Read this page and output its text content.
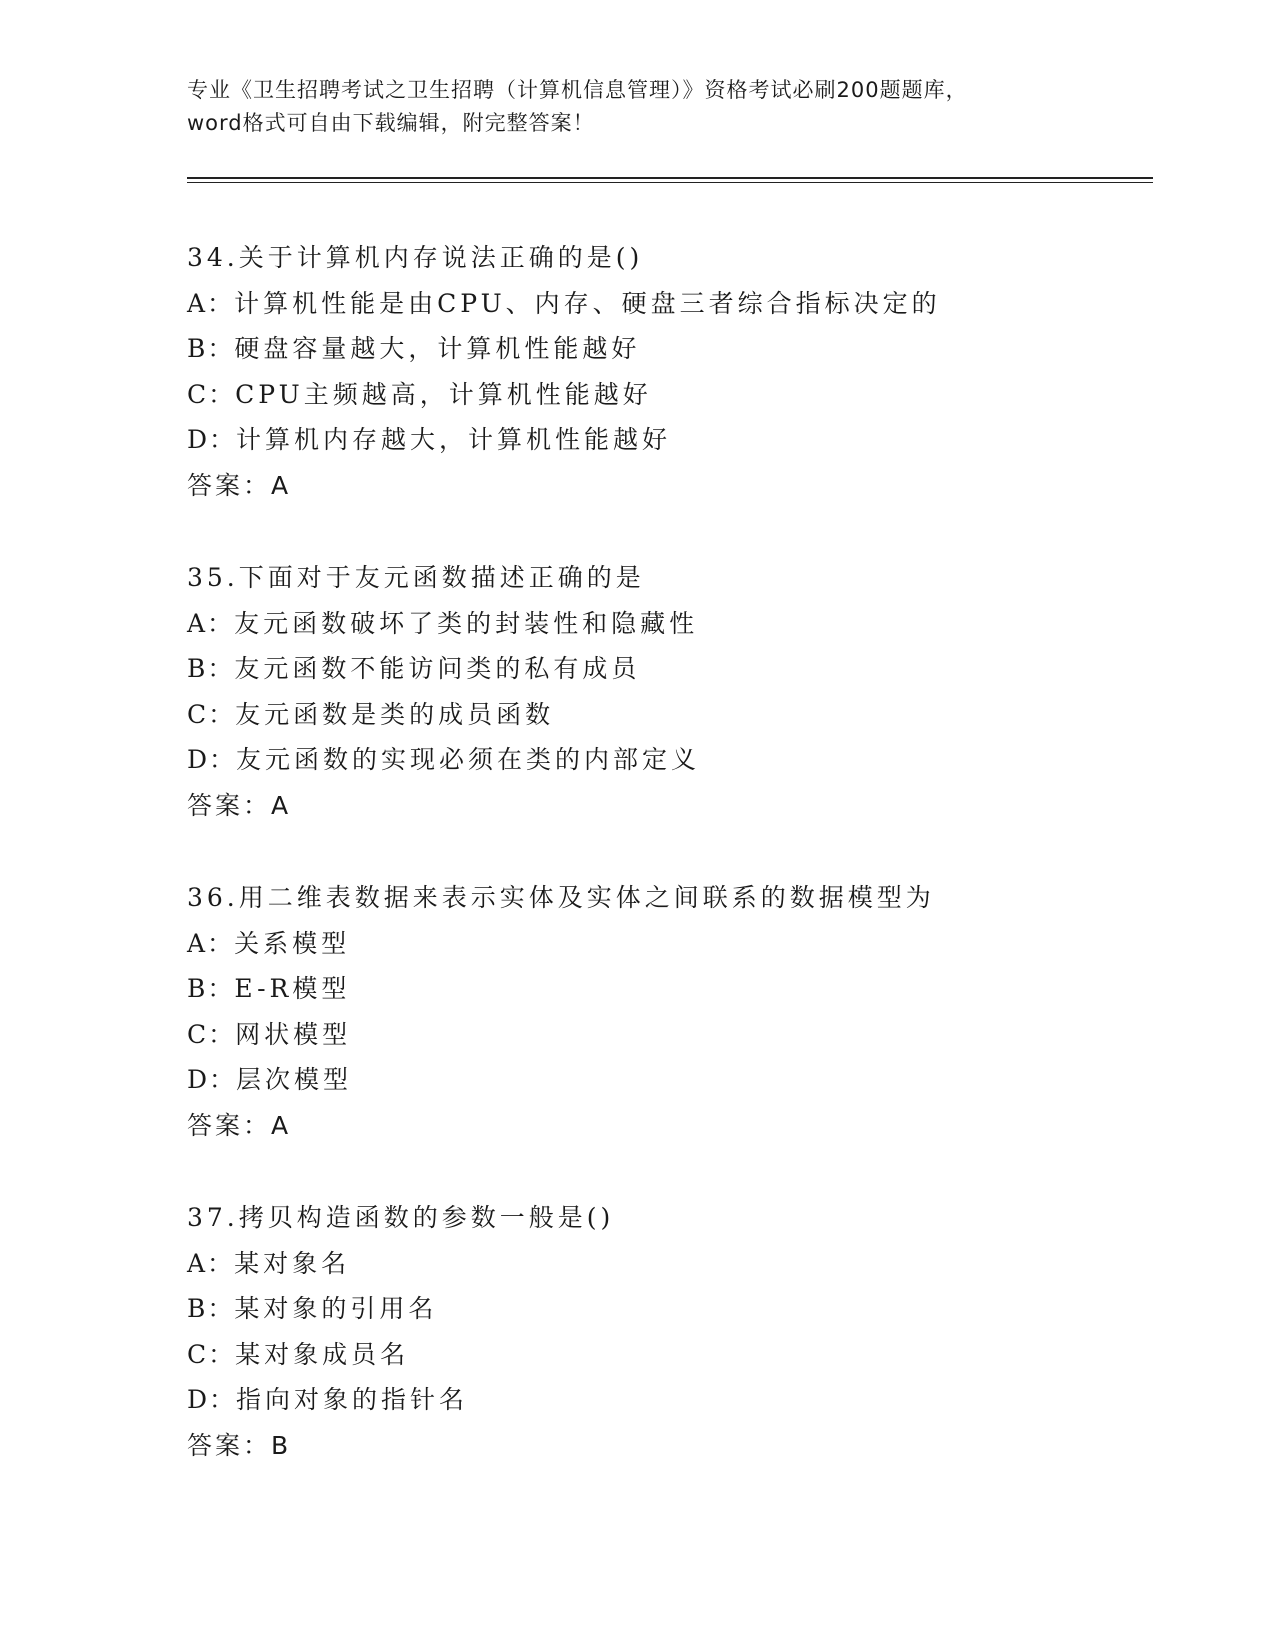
专业《卫生招聘考试之卫生招聘（计算机信息管理）》资格考试必刷200题题库，
word格式可自由下载编辑，附完整答案！
34.关于计算机内存说法正确的是()
A：计算机性能是由CPU、内存、硬盘三者综合指标决定的
B：硬盘容量越大，计算机性能越好
C：CPU主频越高，计算机性能越好
D：计算机内存越大，计算机性能越好
答案：A
35.下面对于友元函数描述正确的是
A：友元函数破坏了类的封装性和隐藏性
B：友元函数不能访问类的私有成员
C：友元函数是类的成员函数
D：友元函数的实现必须在类的内部定义
答案：A
36.用二维表数据来表示实体及实体之间联系的数据模型为
A：关系模型
B：E-R模型
C：网状模型
D：层次模型
答案：A
37.拷贝构造函数的参数一般是()
A：某对象名
B：某对象的引用名
C：某对象成员名
D：指向对象的指针名
答案：B
